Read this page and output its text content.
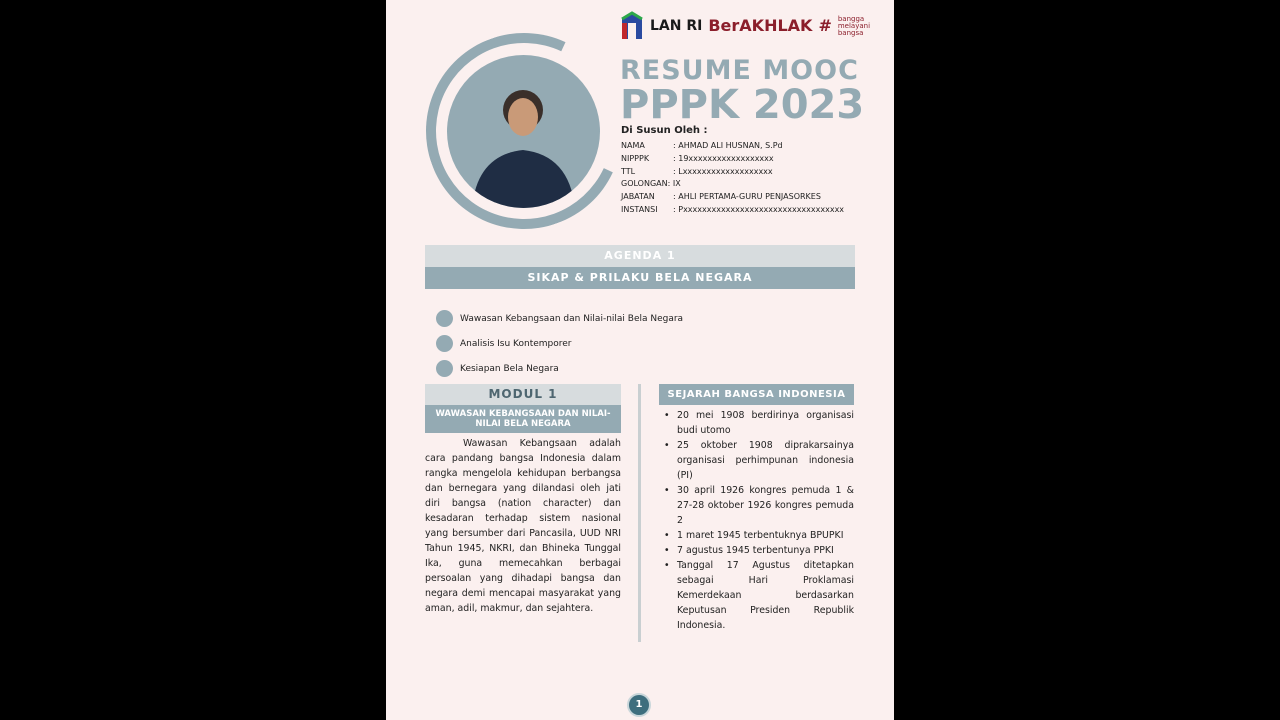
LAN RI BerAKHLAK # bangga
melayani
bangsa
RESUME MOOC
PPPK 2023
Di Susun Oleh :
NAMA	: AHMAD ALI HUSNAN, S.Pd
NIPPPK	: 19xxxxxxxxxxxxxxxxxx
TTL	: Lxxxxxxxxxxxxxxxxxxx
GOLONGAN : IX
JABATAN	: AHLI PERTAMA-GURU PENJASORKES
INSTANSI	: Pxxxxxxxxxxxxxxxxxxxxxxxxxxxxxxxxxx
AGENDA 1
SIKAP & PRILAKU BELA NEGARA
Wawasan Kebangsaan dan Nilai-nilai Bela Negara
Analisis Isu Kontemporer
Kesiapan Bela Negara
MODUL 1
WAWASAN KEBANGSAAN DAN NILAI-NILAI BELA NEGARA

Wawasan Kebangsaan adalah cara pandang bangsa Indonesia dalam rangka mengelola kehidupan berbangsa dan bernegara yang dilandasi oleh jati diri bangsa (nation character) dan kesadaran terhadap sistem nasional yang bersumber dari Pancasila, UUD NRI Tahun 1945, NKRI, dan Bhineka Tunggal Ika, guna memecahkan berbagai persoalan yang dihadapi bangsa dan negara demi mencapai masyarakat yang aman, adil, makmur, dan sejahtera.

SEJARAH BANGSA INDONESIA
• 20 mei 1908 berdirinya organisasi budi utomo
• 25 oktober 1908 diprakarsainya organisasi perhimpunan indonesia (PI)
• 30 april 1926 kongres pemuda 1 & 27-28 oktober 1926 kongres pemuda 2
• 1 maret 1945 terbentuknya BPUPKI
• 7 agustus 1945 terbentunya PPKI
• Tanggal 17 Agustus ditetapkan sebagai Hari Proklamasi Kemerdekaan berdasarkan Keputusan Presiden Republik Indonesia.
1
